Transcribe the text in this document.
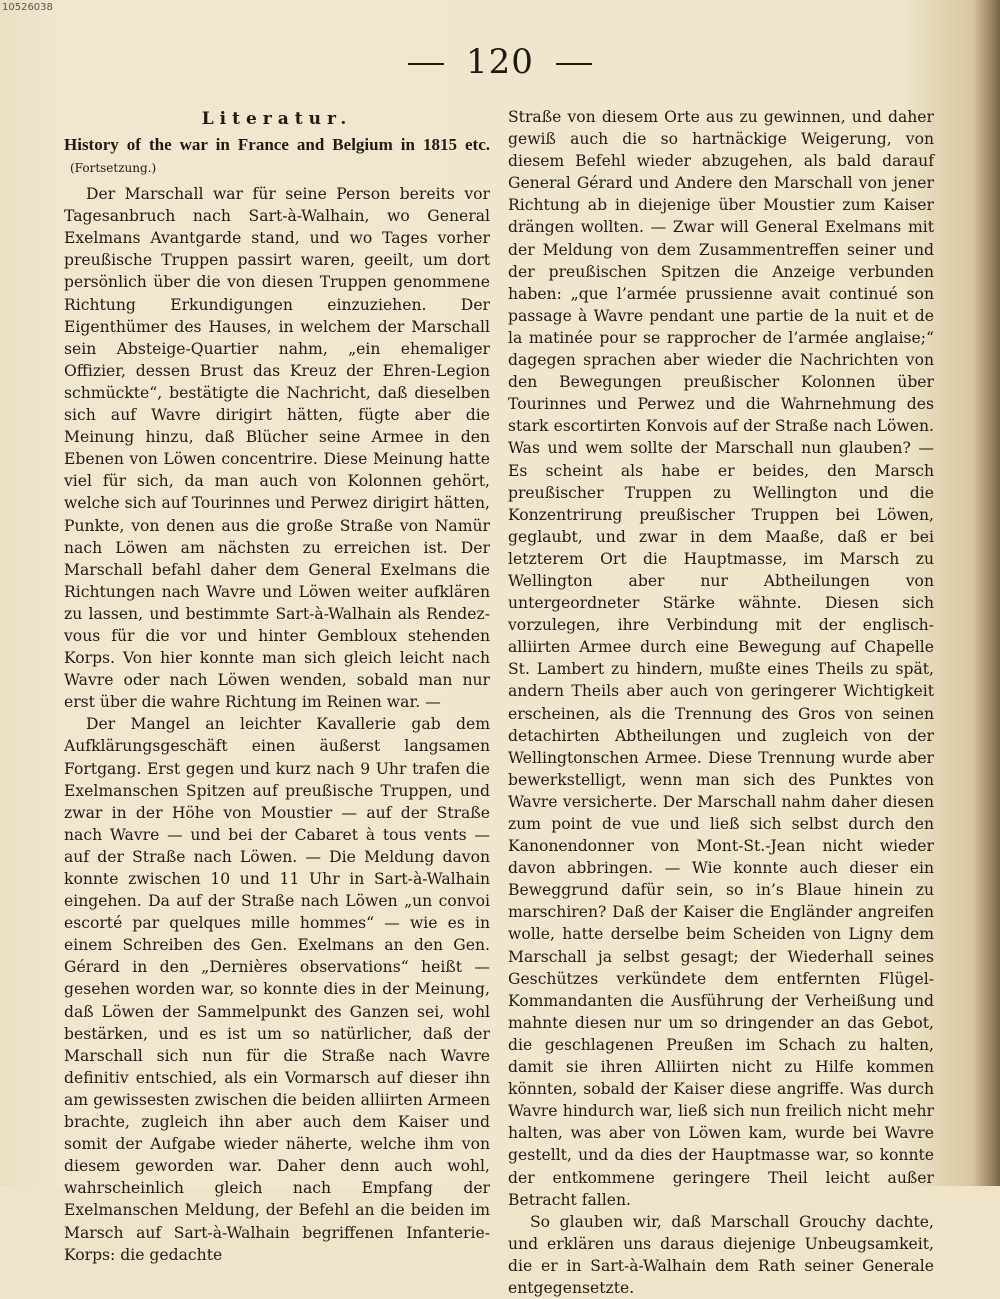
10526038
120
Literatur.
History of the war in France and Belgium in 1815 etc.(Fortsetzung.)

Der Marschall war für seine Person bereits vor Tagesanbruch nach Sart-à-Walhain, wo General Exelmans Avantgarde stand, und wo Tages vorher preußische Truppen passirt waren, geeilt, um dort persönlich über die von diesen Truppen genommene Richtung Erkundigungen einzuziehen. Der Eigenthümer des Hauses, in welchem der Marschall sein Absteige-Quartier nahm, „ein ehemaliger Offizier, dessen Brust das Kreuz der Ehren-Legion schmückte“, bestätigte die Nachricht, daß dieselben sich auf Wavre dirigirt hätten, fügte aber die Meinung hinzu, daß Blücher seine Armee in den Ebenen von Löwen concentrire. Diese Meinung hatte viel für sich, da man auch von Kolonnen gehört, welche sich auf Tourinnes und Perwez dirigirt hätten, Punkte, von denen aus die große Straße von Namür nach Löwen am nächsten zu erreichen ist. Der Marschall befahl daher dem General Exelmans die Richtungen nach Wavre und Löwen weiter aufklären zu lassen, und bestimmte Sart-à-Walhain als Rendez-vous für die vor und hinter Gembloux stehenden Korps. Von hier konnte man sich gleich leicht nach Wavre oder nach Löwen wenden, sobald man nur erst über die wahre Richtung im Reinen war. —

Der Mangel an leichter Kavallerie gab dem Aufklärungsgeschäft einen äußerst langsamen Fortgang. Erst gegen und kurz nach 9 Uhr trafen die Exelmanschen Spitzen auf preußische Truppen, und zwar in der Höhe von Moustier — auf der Straße nach Wavre — und bei der Cabaret à tous vents — auf der Straße nach Löwen. — Die Meldung davon konnte zwischen 10 und 11 Uhr in Sart-à-Walhain eingehen. Da auf der Straße nach Löwen „un convoi escorté par quelques mille hommes“ — wie es in einem Schreiben des Gen. Exelmans an den Gen. Gérard in den „Dernières observations“ heißt — gesehen worden war, so konnte dies in der Meinung, daß Löwen der Sammelpunkt des Ganzen sei, wohl bestärken, und es ist um so natürlicher, daß der Marschall sich nun für die Straße nach Wavre definitiv entschied, als ein Vormarsch auf dieser ihn am gewissesten zwischen die beiden alliirten Armeen brachte, zugleich ihn aber auch dem Kaiser und somit der Aufgabe wieder näherte, welche ihm von diesem geworden war. Daher denn auch wohl, wahrscheinlich gleich nach Empfang der Exelmanschen Meldung, der Befehl an die beiden im Marsch auf Sart-à-Walhain begriffenen Infanterie-Korps: die gedachte

Straße von diesem Orte aus zu gewinnen, und daher gewiß auch die so hartnäckige Weigerung, von diesem Befehl wieder abzugehen, als bald darauf General Gérard und Andere den Marschall von jener Richtung ab in diejenige über Moustier zum Kaiser drängen wollten. — Zwar will General Exelmans mit der Meldung von dem Zusammentreffen seiner und der preußischen Spitzen die Anzeige verbunden haben: „que l’armée prussienne avait continué son passage à Wavre pendant une partie de la nuit et de la matinée pour se rapprocher de l’armée anglaise;“ dagegen sprachen aber wieder die Nachrichten von den Bewegungen preußischer Kolonnen über Tourinnes und Perwez und die Wahrnehmung des stark escortirten Konvois auf der Straße nach Löwen. Was und wem sollte der Marschall nun glauben? — Es scheint als habe er beides, den Marsch preußischer Truppen zu Wellington und die Konzentrirung preußischer Truppen bei Löwen, geglaubt, und zwar in dem Maaße, daß er bei letzterem Ort die Hauptmasse, im Marsch zu Wellington aber nur Abtheilungen von untergeordneter Stärke wähnte. Diesen sich vorzulegen, ihre Verbindung mit der englisch-alliirten Armee durch eine Bewegung auf Chapelle St. Lambert zu hindern, mußte eines Theils zu spät, andern Theils aber auch von geringerer Wichtigkeit erscheinen, als die Trennung des Gros von seinen detachirten Abtheilungen und zugleich von der Wellingtonschen Armee. Diese Trennung wurde aber bewerkstelligt, wenn man sich des Punktes von Wavre versicherte. Der Marschall nahm daher diesen zum point de vue und ließ sich selbst durch den Kanonendonner von Mont-St.-Jean nicht wieder davon abbringen. — Wie konnte auch dieser ein Beweggrund dafür sein, so in’s Blaue hinein zu marschiren? Daß der Kaiser die Engländer angreifen wolle, hatte derselbe beim Scheiden von Ligny dem Marschall ja selbst gesagt; der Wiederhall seines Geschützes verkündete dem entfernten Flügel-Kommandanten die Ausführung der Verheißung und mahnte diesen nur um so dringender an das Gebot, die geschlagenen Preußen im Schach zu halten, damit sie ihren Alliirten nicht zu Hilfe kommen könnten, sobald der Kaiser diese angriffe. Was durch Wavre hindurch war, ließ sich nun freilich nicht mehr halten, was aber von Löwen kam, wurde bei Wavre gestellt, und da dies der Hauptmasse war, so konnte der entkommene geringere Theil leicht außer Betracht fallen.

So glauben wir, daß Marschall Grouchy dachte, und erklären uns daraus diejenige Unbeugsamkeit, die er in Sart-à-Walhain dem Rath seiner Generale entgegensetzte.
